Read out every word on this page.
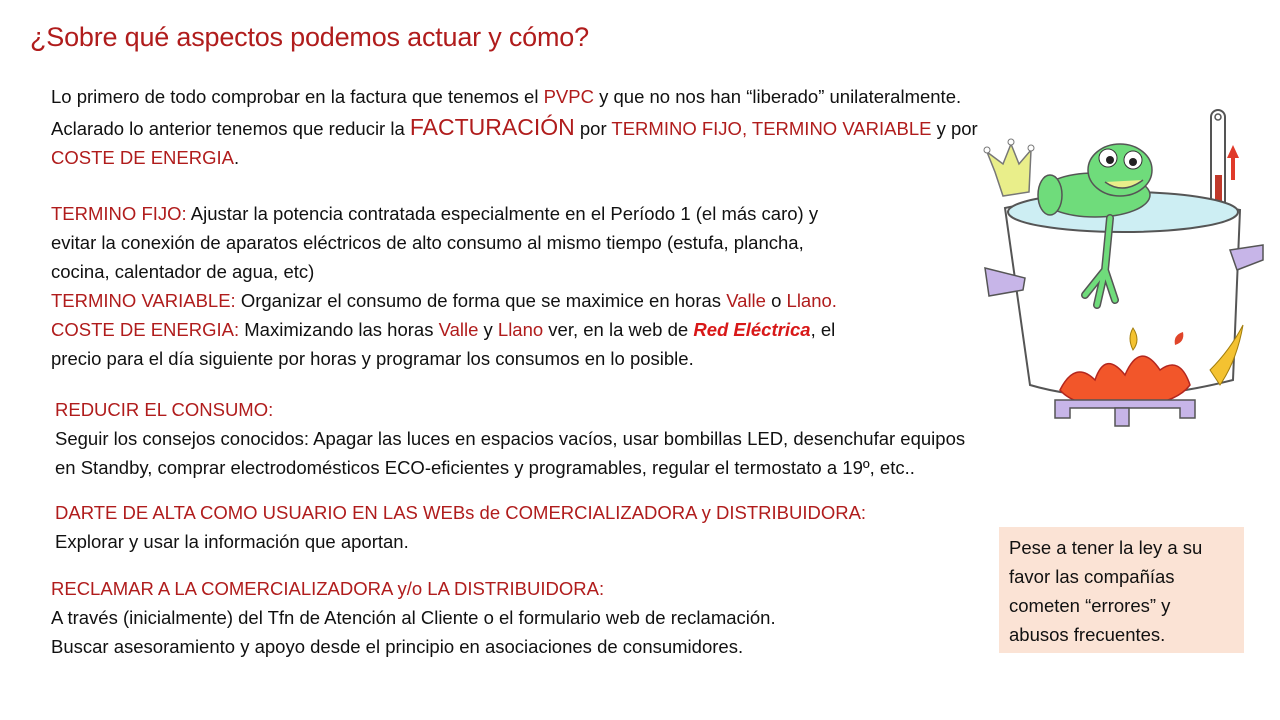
¿Sobre qué aspectos podemos actuar y cómo?
Lo primero de todo comprobar en la factura que tenemos el PVPC y que no nos han “liberado” unilateralmente.
Aclarado lo anterior tenemos que reducir la FACTURACIÓN por TERMINO FIJO, TERMINO VARIABLE y por
COSTE DE ENERGIA.
TERMINO FIJO: Ajustar la potencia contratada especialmente en el Período 1 (el más caro) y
evitar la conexión de aparatos eléctricos de alto consumo al mismo tiempo (estufa, plancha,
cocina, calentador de agua, etc)
TERMINO VARIABLE: Organizar el consumo de forma que se maximice en horas Valle o Llano.
COSTE DE ENERGIA: Maximizando las horas Valle y Llano ver, en la web de Red Eléctrica, el
precio para el día siguiente por horas y programar los consumos en lo posible.
REDUCIR EL CONSUMO:
Seguir los consejos conocidos: Apagar las luces en espacios vacíos, usar bombillas LED, desenchufar equipos
en Standby, comprar electrodomésticos ECO-eficientes y programables, regular el termostato a 19º, etc..
DARTE DE ALTA COMO USUARIO EN LAS WEBs de COMERCIALIZADORA y DISTRIBUIDORA:
Explorar y usar la información que aportan.
RECLAMAR A LA COMERCIALIZADORA y/o LA DISTRIBUIDORA:
A través (inicialmente) del Tfn de Atención al Cliente o el formulario web de reclamación.
Buscar asesoramiento y apoyo desde el principio en asociaciones de consumidores.
Pese a tener la ley a su
favor las compañías
cometen “errores” y
abusos frecuentes.
